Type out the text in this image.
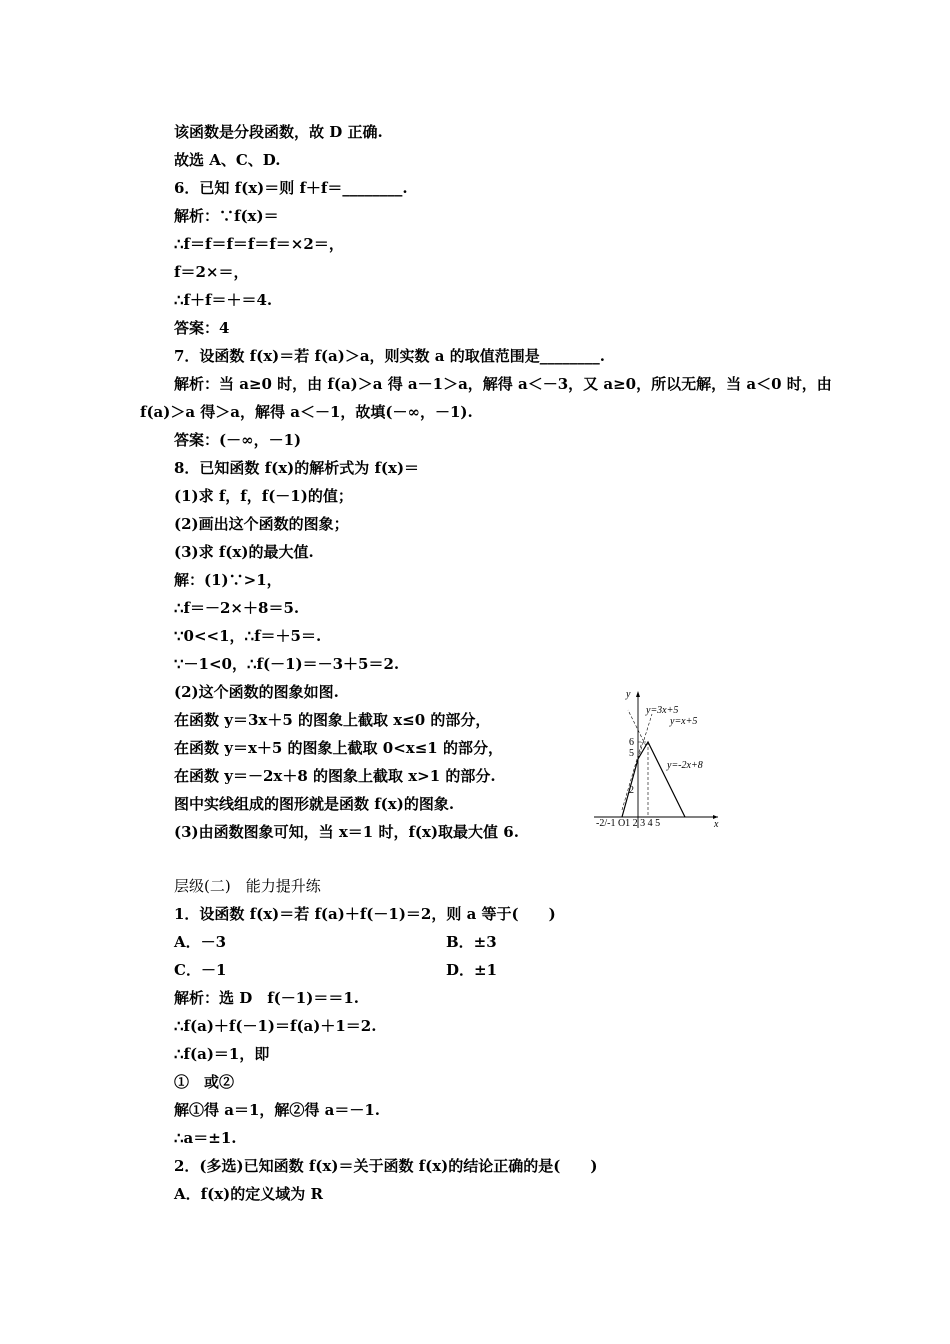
该函数是分段函数，故 D 正确.
故选 A、C、D.
6．已知 f(x)＝则 f＋f＝________.
解析：∵f(x)＝
∴f＝f＝f＝f＝f＝×2＝，
f＝2×＝，
∴f＋f＝＋＝4.
答案：4
7．设函数 f(x)＝若 f(a)＞a，则实数 a 的取值范围是________.
解析：当 a≥0 时，由 f(a)＞a 得 a－1＞a，解得 a＜－3，又 a≥0，所以无解，当 a＜0 时，由
f(a)＞a 得＞a，解得 a＜－1，故填(－∞，－1).
答案：(－∞，－1)
8．已知函数 f(x)的解析式为 f(x)＝
(1)求 f，f，f(－1)的值；
(2)画出这个函数的图象；
(3)求 f(x)的最大值.
解：(1)∵>1，
∴f＝－2×＋8＝5.
∵0<<1，∴f＝＋5＝.
∵－1<0，∴f(－1)＝－3＋5＝2.
(2)这个函数的图象如图.
在函数 y＝3x＋5 的图象上截取 x≤0 的部分，
在函数 y＝x＋5 的图象上截取 0<x≤1 的部分，
在函数 y＝－2x＋8 的图象上截取 x>1 的部分.
图中实线组成的图形就是函数 f(x)的图象.
(3)由函数图象可知，当 x＝1 时，f(x)取最大值 6.
y
x
y=3x+5
y=x+5
y=-2x+8
6
5
2
-2/-1 O1 2 3 4 5
层级(二)　能力提升练
1．设函数 f(x)＝若 f(a)＋f(－1)＝2，则 a 等于(　　)
A．－3	B．±3
C．－1	D．±1
解析：选 D　f(－1)＝＝1.
∴f(a)＋f(－1)＝f(a)＋1＝2.
∴f(a)＝1，即
①　或②
解①得 a＝1，解②得 a＝－1.
∴a＝±1.
2．(多选)已知函数 f(x)＝关于函数 f(x)的结论正确的是(　　)
A．f(x)的定义域为 R
